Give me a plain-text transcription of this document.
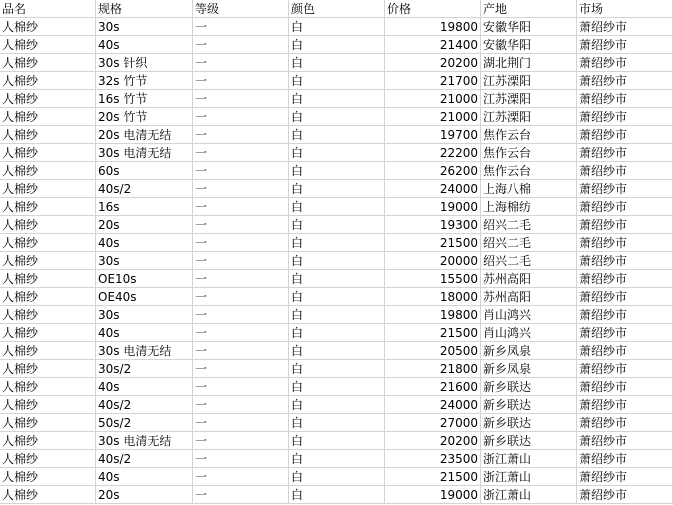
品名	规格	等级	颜色	价格	产地	市场
人棉纱	30s	一	白	19800 安徽华阳	萧绍纱市
人棉纱	40s	一	白	21400 安徽华阳	萧绍纱市
人棉纱	30s 针织	一	白	20200 湖北荆门	萧绍纱市
人棉纱	32s 竹节	一	白	21700 江苏溧阳	萧绍纱市
人棉纱	16s 竹节	一	白	21000 江苏溧阳	萧绍纱市
人棉纱	20s 竹节	一	白	21000 江苏溧阳	萧绍纱市
人棉纱	20s 电清无结	一	白	19700 焦作云台	萧绍纱市
人棉纱	30s 电清无结	一	白	22200 焦作云台	萧绍纱市
人棉纱	60s	一	白	26200 焦作云台	萧绍纱市
人棉纱	40s/2	一	白	24000 上海八棉	萧绍纱市
人棉纱	16s	一	白	19000 上海棉纺	萧绍纱市
人棉纱	20s	一	白	19300 绍兴二毛	萧绍纱市
人棉纱	40s	一	白	21500 绍兴二毛	萧绍纱市
人棉纱	30s	一	白	20000 绍兴二毛	萧绍纱市
人棉纱	OE10s	一	白	15500 苏州高阳	萧绍纱市
人棉纱	OE40s	一	白	18000 苏州高阳	萧绍纱市
人棉纱	30s	一	白	19800 肖山鸿兴	萧绍纱市
人棉纱	40s	一	白	21500 肖山鸿兴	萧绍纱市
人棉纱	30s 电清无结	一	白	20500 新乡凤泉	萧绍纱市
人棉纱	30s/2	一	白	21800 新乡凤泉	萧绍纱市
人棉纱	40s	一	白	21600 新乡联达	萧绍纱市
人棉纱	40s/2	一	白	24000 新乡联达	萧绍纱市
人棉纱	50s/2	一	白	27000 新乡联达	萧绍纱市
人棉纱	30s 电清无结	一	白	20200 新乡联达	萧绍纱市
人棉纱	40s/2	一	白	23500 浙江萧山	萧绍纱市
人棉纱	40s	一	白	21500 浙江萧山	萧绍纱市
人棉纱	20s	一	白	19000 浙江萧山	萧绍纱市
